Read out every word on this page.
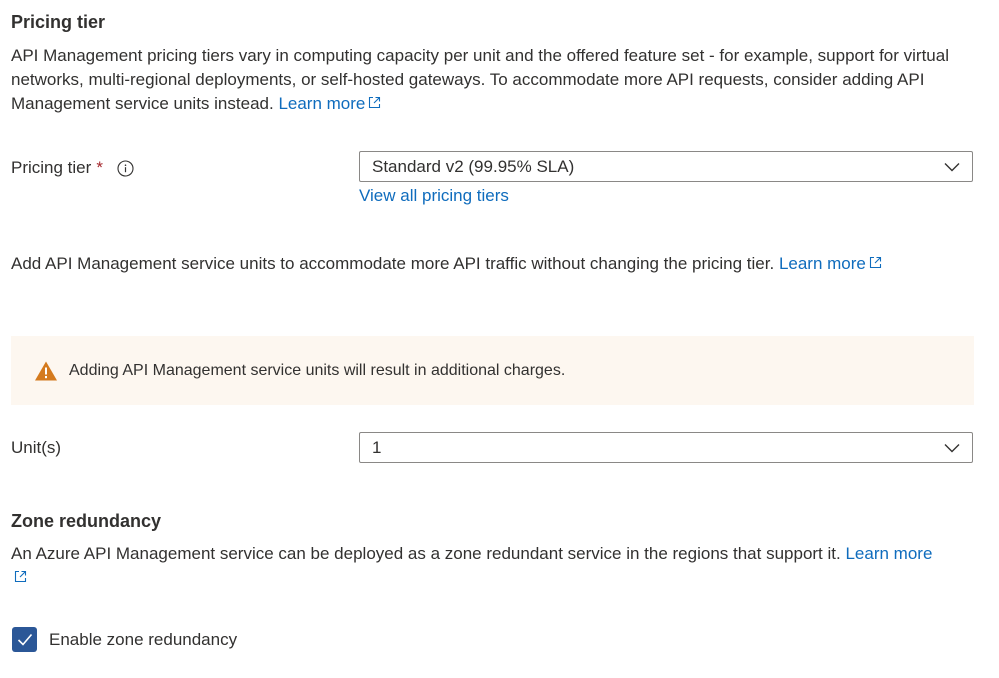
Pricing tier
API Management pricing tiers vary in computing capacity per unit and the offered feature set - for example, support for virtual networks, multi-regional deployments, or self-hosted gateways. To accommodate more API requests, consider adding API Management service units instead. Learn more
Pricing tier *	Standard v2 (99.95% SLA)
View all pricing tiers
Add API Management service units to accommodate more API traffic without changing the pricing tier. Learn more
Adding API Management service units will result in additional charges.
Unit(s)	1
Zone redundancy
An Azure API Management service can be deployed as a zone redundant service in the regions that support it. Learn more
Enable zone redundancy
